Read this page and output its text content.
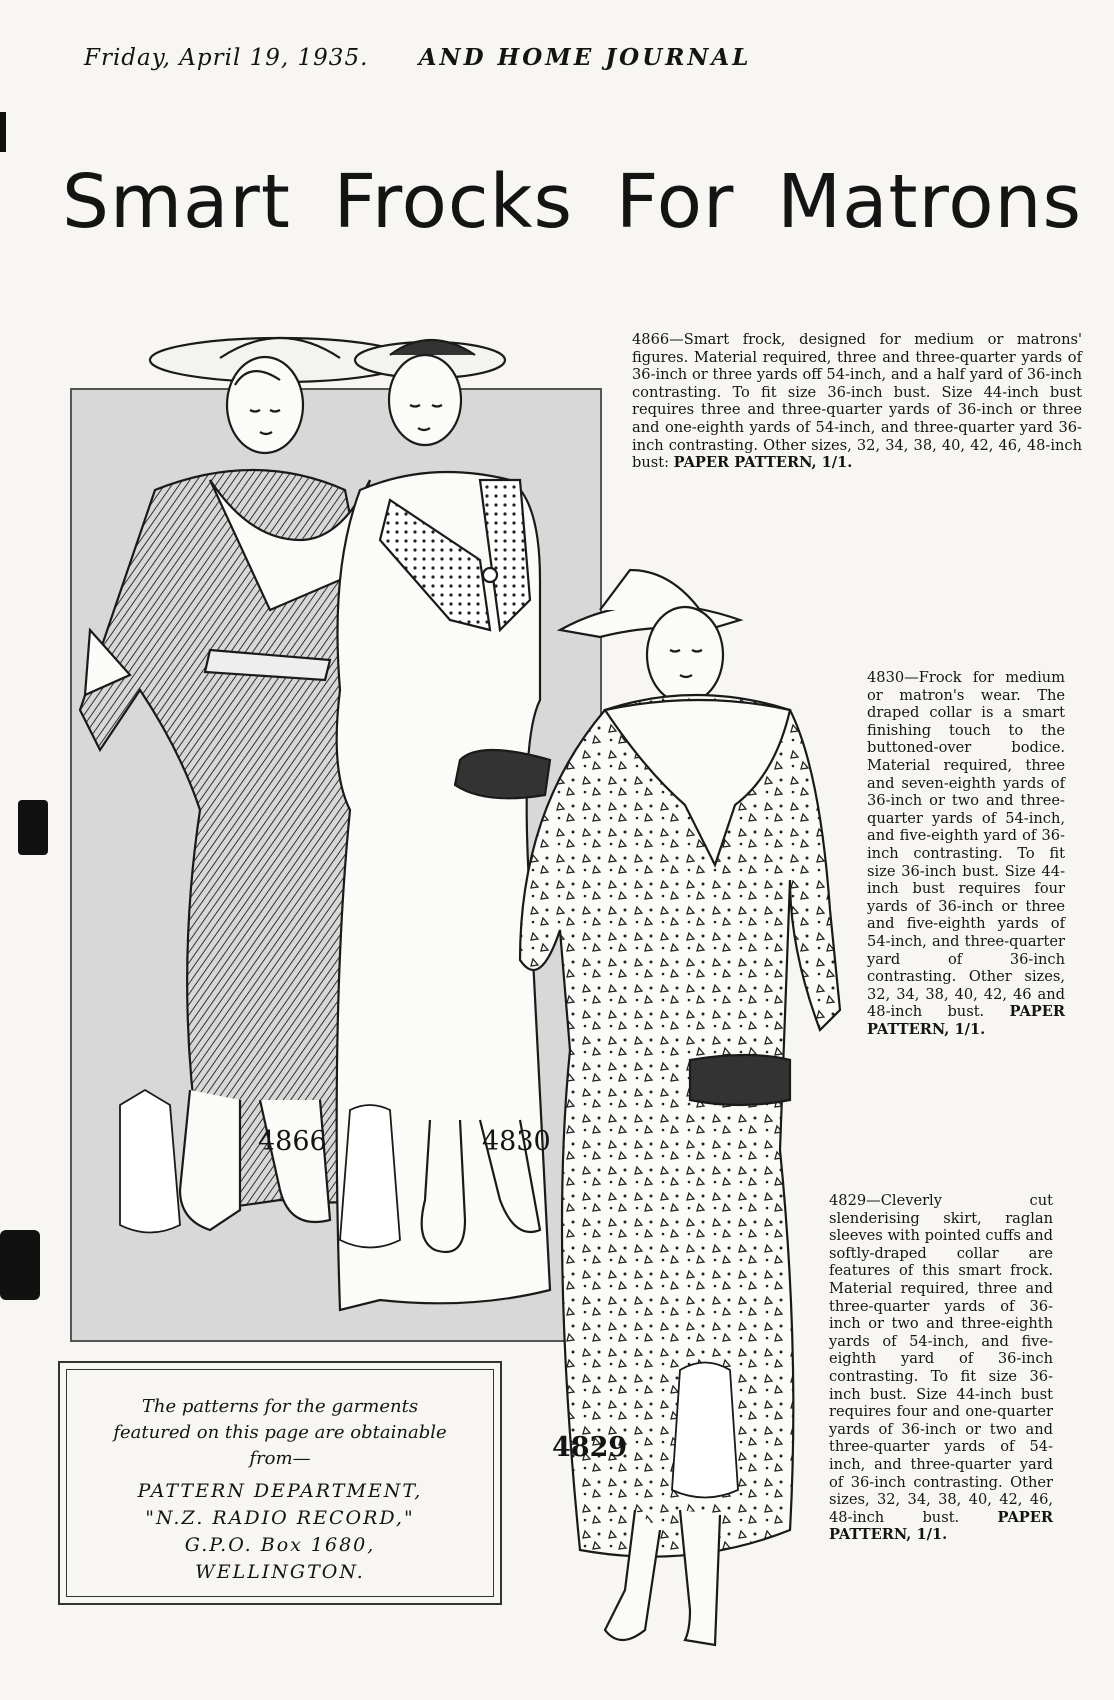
Friday, April 19, 1935. AND HOME JOURNAL
Smart Frocks For Matrons
4866	4830
4829
4866—Smart frock, designed for medium or matrons' figures. Material required, three and three-quarter yards of 36-inch or three yards off 54-inch, and a half yard of 36-inch contrasting. To fit size 36-inch bust. Size 44-inch bust requires three and three-quarter yards of 36-inch or three and one-eighth yards of 54-inch, and three-quarter yard 36-inch contrasting. Other sizes, 32, 34, 38, 40, 42, 46, 48-inch bust: PAPER PATTERN, 1/1.
4830—Frock for medium or matron's wear. The draped collar is a smart finishing touch to the buttoned-over bodice. Material required, three and seven-eighth yards of 36-inch or two and three-quarter yards of 54-inch, and five-eighth yard of 36-inch contrasting. To fit size 36-inch bust. Size 44-inch bust requires four yards of 36-inch or three and five-eighth yards of 54-inch, and three-quarter yard of 36-inch contrasting. Other sizes, 32, 34, 38, 40, 42, 46 and 48-inch bust. PAPER PATTERN, 1/1.
4829—Cleverly cut slenderising skirt, raglan sleeves with pointed cuffs and softly-draped collar are features of this smart frock. Material required, three and three-quarter yards of 36-inch or two and three-eighth yards of 54-inch, and five-eighth yard of 36-inch contrasting. To fit size 36-inch bust. Size 44-inch bust requires four and one-quarter yards of 36-inch or two and three-quarter yards of 54-inch, and three-quarter yard of 36-inch contrasting. Other sizes, 32, 34, 38, 40, 42, 46, 48-inch bust.	PAPER PATTERN, 1/1.
The patterns for the garments
featured on this page are obtainable
from—
PATTERN DEPARTMENT,
"N.Z. RADIO RECORD,"
G.P.O. Box 1680,
WELLINGTON.
